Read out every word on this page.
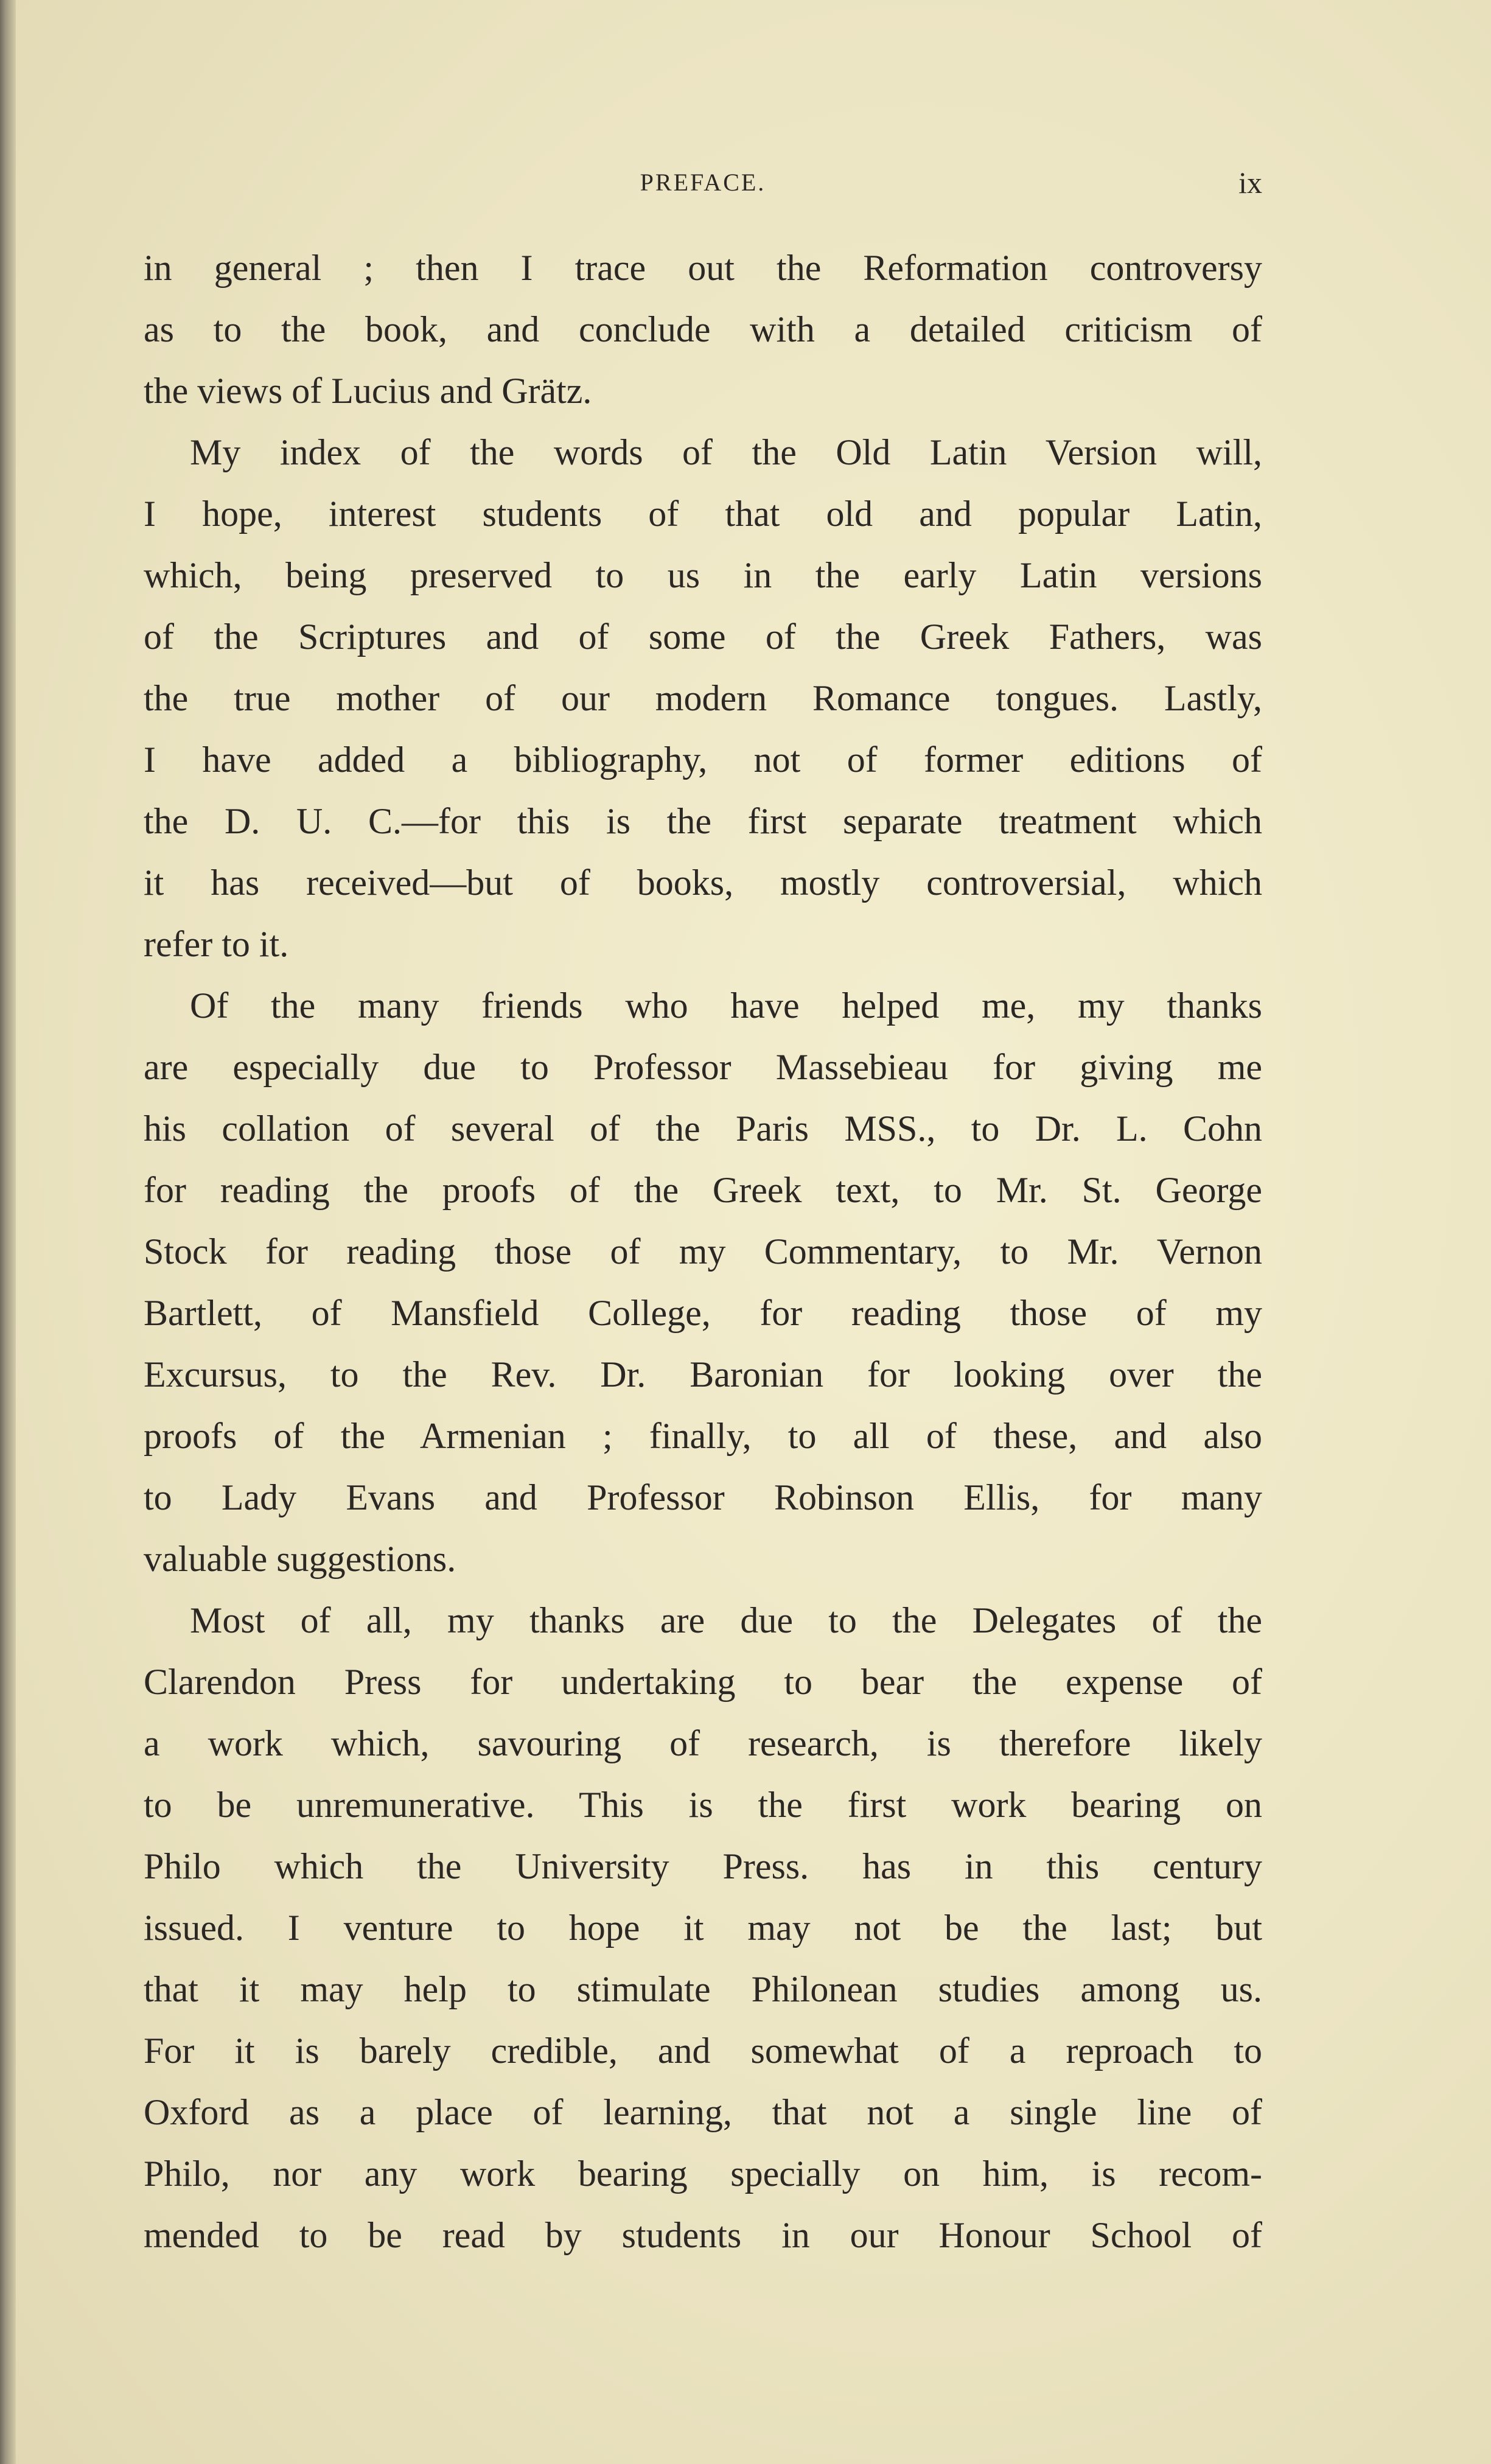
PREFACE.	ix
in general ; then I trace out the Reformation controversy
as to the book, and conclude with a detailed criticism of
the views of Lucius and Grätz.
My index of the words of the Old Latin Version will,
I hope, interest students of that old and popular Latin,
which, being preserved to us in the early Latin versions
of the Scriptures and of some of the Greek Fathers, was
the true mother of our modern Romance tongues. Lastly,
I have added a bibliography, not of former editions of
the D. U. C.—for this is the first separate treatment which
it has received—but of books, mostly controversial, which
refer to it.
Of the many friends who have helped me, my thanks
are especially due to Professor Massebieau for giving me
his collation of several of the Paris MSS., to Dr. L. Cohn
for reading the proofs of the Greek text, to Mr. St. George
Stock for reading those of my Commentary, to Mr. Vernon
Bartlett, of Mansfield College, for reading those of my
Excursus, to the Rev. Dr. Baronian for looking over the
proofs of the Armenian ; finally, to all of these, and also
to Lady Evans and Professor Robinson Ellis, for many
valuable suggestions.
Most of all, my thanks are due to the Delegates of the
Clarendon Press for undertaking to bear the expense of
a work which, savouring of research, is therefore likely
to be unremunerative. This is the first work bearing on
Philo which the University Press. has in this century
issued. I venture to hope it may not be the last; but
that it may help to stimulate Philonean studies among us.
For it is barely credible, and somewhat of a reproach to
Oxford as a place of learning, that not a single line of
Philo, nor any work bearing specially on him, is recom-
mended to be read by students in our Honour School of
